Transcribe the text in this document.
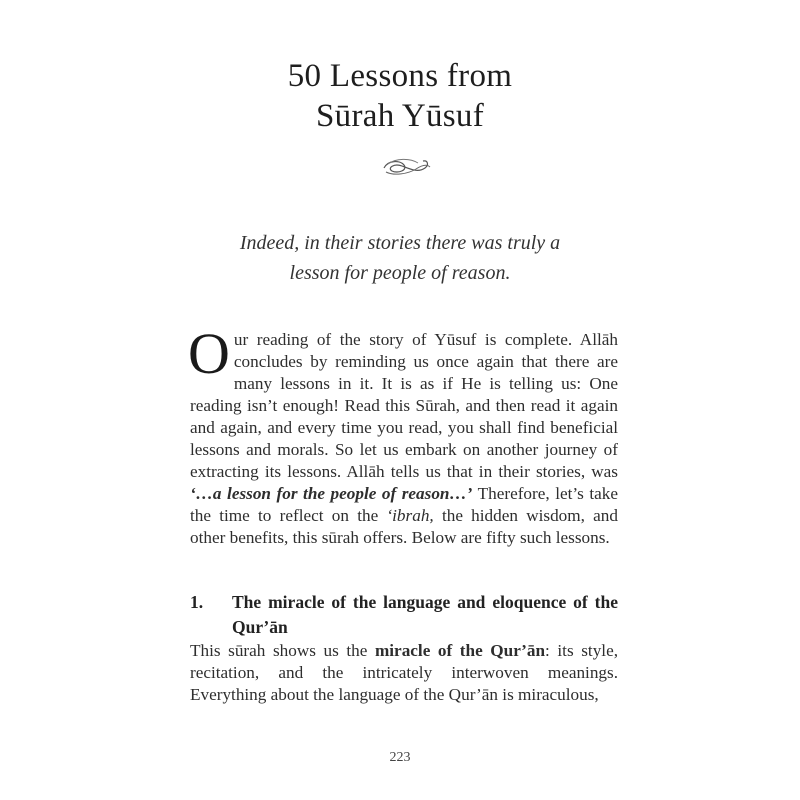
50 Lessons from
Sūrah Yūsuf
Indeed, in their stories there was truly a
lesson for people of reason.

Our reading of the story of Yūsuf is complete. Allāh concludes by reminding us once again that there are many lessons in it. It is as if He is telling us: One reading isn’t enough! Read this Sūrah, and then read it again and again, and every time you read, you shall find beneficial lessons and morals. So let us embark on another journey of extracting its lessons. Allāh tells us that in their stories, was ‘…a lesson for the people of reason…’ Therefore, let’s take the time to reflect on the ‘ibrah, the hidden wisdom, and other benefits, this sūrah offers. Below are fifty such lessons.

1.	The miracle of the language and eloquence of the Qur’ān

This sūrah shows us the miracle of the Qur’ān: its style, recitation, and the intricately interwoven meanings. Everything about the language of the Qur’ān is miraculous,

223
